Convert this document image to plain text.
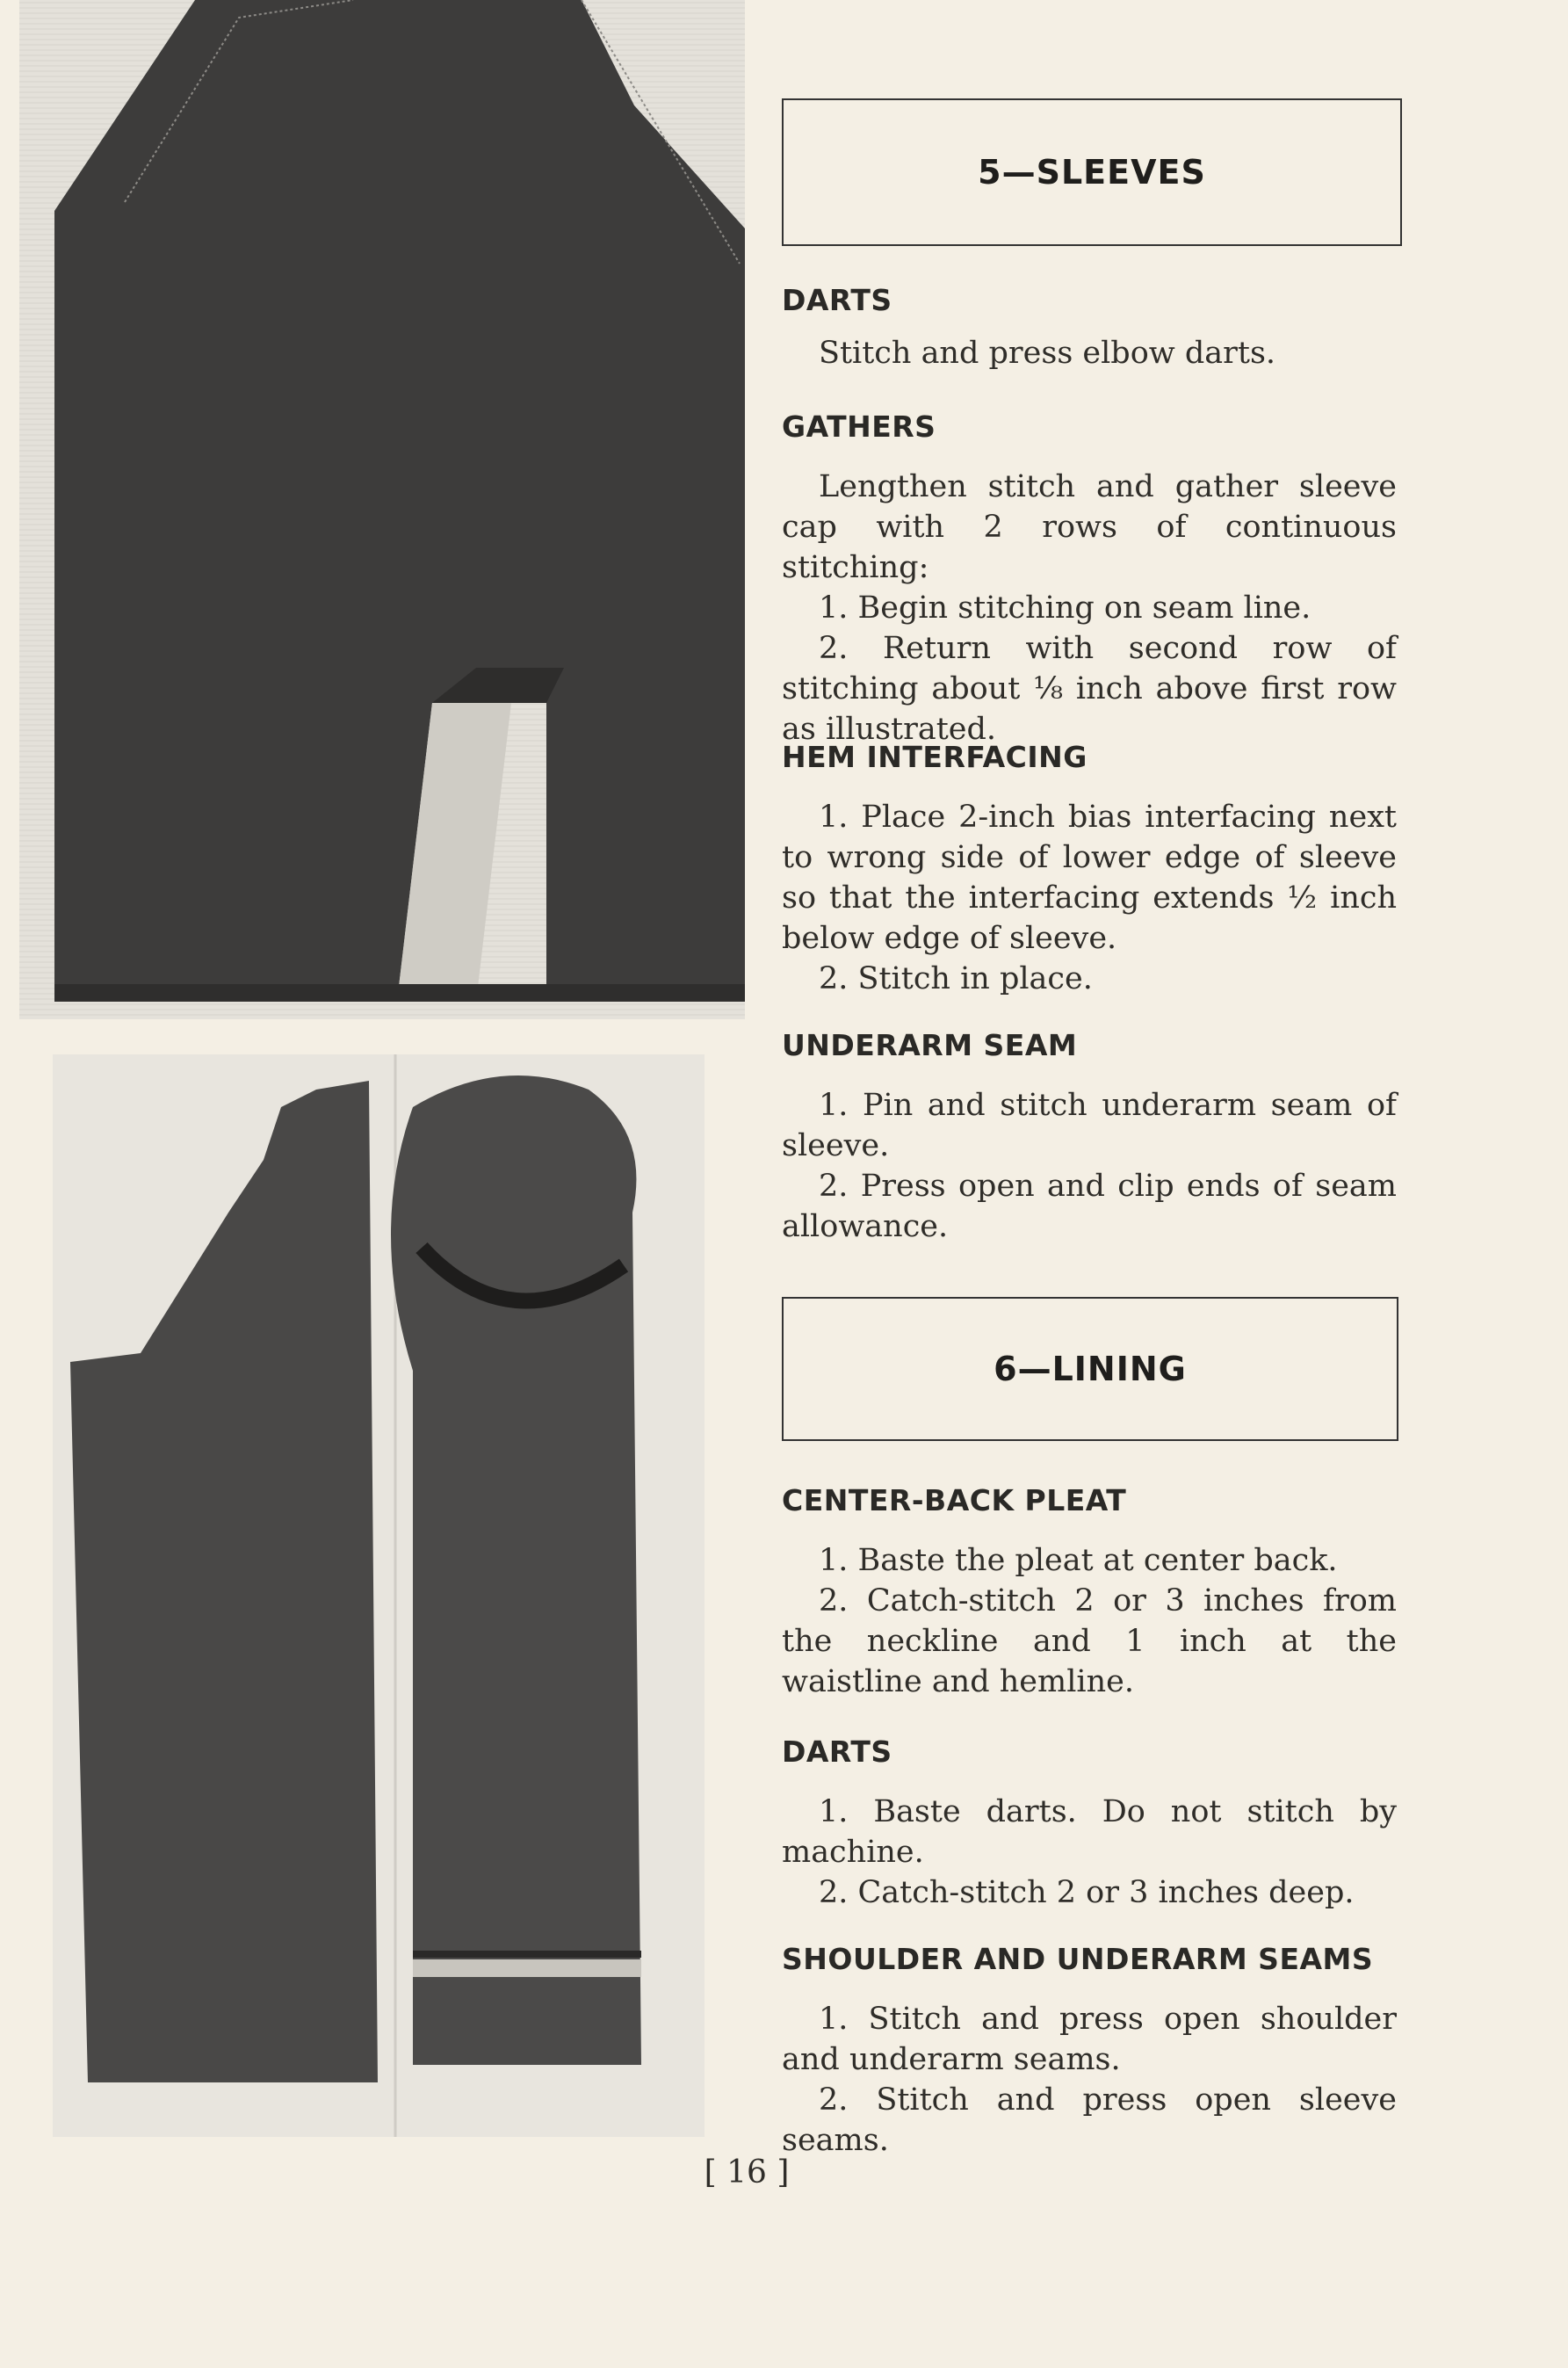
5—SLEEVES
DARTS

Stitch and press elbow darts.

GATHERS

Lengthen stitch and gather sleeve cap with 2 rows of continuous stitching:

1. Begin stitching on seam line.

2. Return with second row of stitching about ⅛ inch above first row as illustrated.

HEM INTERFACING

1. Place 2-inch bias interfacing next to wrong side of lower edge of sleeve so that the interfacing extends ½ inch below edge of sleeve.

2. Stitch in place.

UNDERARM SEAM

1. Pin and stitch underarm seam of sleeve.

2. Press open and clip ends of seam allowance.

6—LINING
CENTER-BACK PLEAT

1. Baste the pleat at center back.

2. Catch-stitch 2 or 3 inches from the neckline and 1 inch at the waistline and hemline.

DARTS

1. Baste darts. Do not stitch by machine.

2. Catch-stitch 2 or 3 inches deep.

SHOULDER AND UNDERARM SEAMS

1. Stitch and press open shoulder and underarm seams.

2. Stitch and press open sleeve seams.

[ 16 ]
